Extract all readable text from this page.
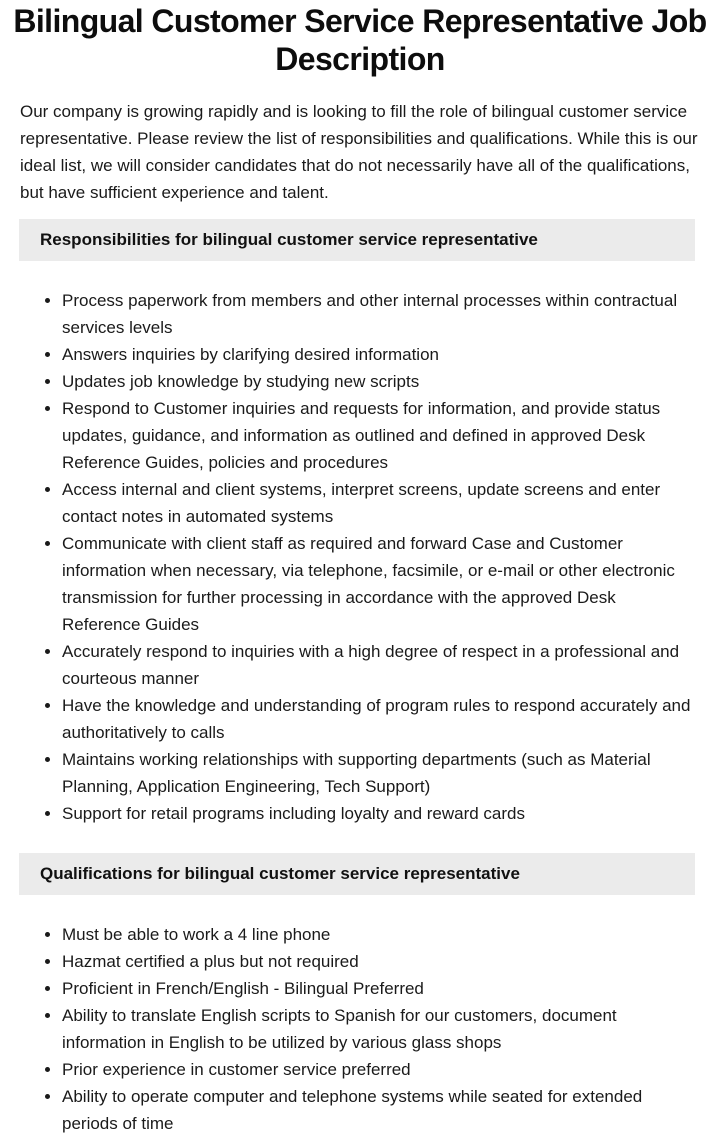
Bilingual Customer Service Representative Job Description

Our company is growing rapidly and is looking to fill the role of bilingual customer service representative. Please review the list of responsibilities and qualifications. While this is our ideal list, we will consider candidates that do not necessarily have all of the qualifications, but have sufficient experience and talent.

Responsibilities for bilingual customer service representative
Process paperwork from members and other internal processes within contractual services levels
Answers inquiries by clarifying desired information
Updates job knowledge by studying new scripts
Respond to Customer inquiries and requests for information, and provide status updates, guidance, and information as outlined and defined in approved Desk Reference Guides, policies and procedures
Access internal and client systems, interpret screens, update screens and enter contact notes in automated systems
Communicate with client staff as required and forward Case and Customer information when necessary, via telephone, facsimile, or e-mail or other electronic transmission for further processing in accordance with the approved Desk Reference Guides
Accurately respond to inquiries with a high degree of respect in a professional and courteous manner
Have the knowledge and understanding of program rules to respond accurately and authoritatively to calls
Maintains working relationships with supporting departments (such as Material Planning, Application Engineering, Tech Support)
Support for retail programs including loyalty and reward cards
Qualifications for bilingual customer service representative
Must be able to work a 4 line phone
Hazmat certified a plus but not required
Proficient in French/English - Bilingual Preferred
Ability to translate English scripts to Spanish for our customers, document information in English to be utilized by various glass shops
Prior experience in customer service preferred
Ability to operate computer and telephone systems while seated for extended periods of time
